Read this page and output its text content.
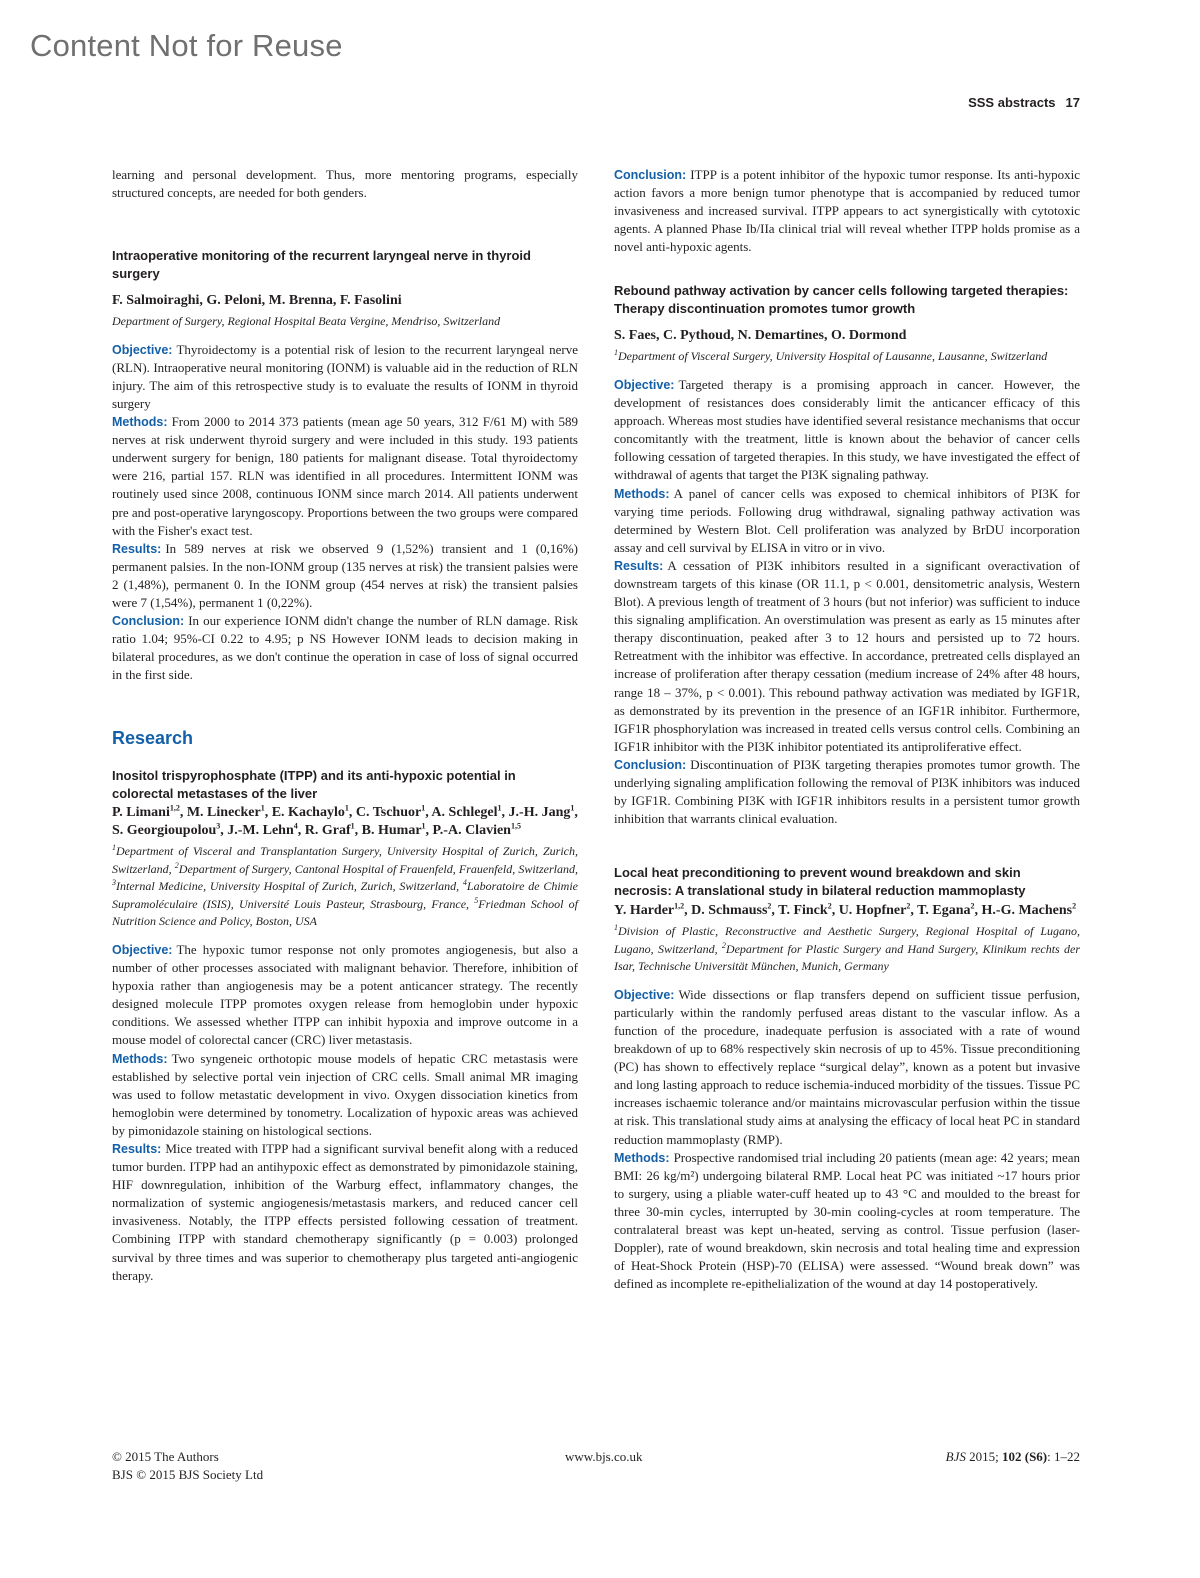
Content Not for Reuse
SSS abstracts 17

learning and personal development. Thus, more mentoring programs, especially structured concepts, are needed for both genders.

Intraoperative monitoring of the recurrent laryngeal nerve in thyroid surgery

F. Salmoiraghi, G. Peloni, M. Brenna, F. Fasolini

Department of Surgery, Regional Hospital Beata Vergine, Mendriso, Switzerland

Objective: Thyroidectomy is a potential risk of lesion to the recurrent laryngeal nerve (RLN). Intraoperative neural monitoring (IONM) is valuable aid in the reduction of RLN injury. The aim of this retrospective study is to evaluate the results of IONM in thyroid surgery

Methods: From 2000 to 2014 373 patients (mean age 50 years, 312 F/61 M) with 589 nerves at risk underwent thyroid surgery and were included in this study. 193 patients underwent surgery for benign, 180 patients for malignant disease. Total thyroidectomy were 216, partial 157. RLN was identified in all procedures. Intermittent IONM was routinely used since 2008, continuous IONM since march 2014. All patients underwent pre and post-operative laryngoscopy. Proportions between the two groups were compared with the Fisher's exact test.

Results: In 589 nerves at risk we observed 9 (1,52%) transient and 1 (0,16%) permanent palsies. In the non-IONM group (135 nerves at risk) the transient palsies were 2 (1,48%), permanent 0. In the IONM group (454 nerves at risk) the transient palsies were 7 (1,54%), permanent 1 (0,22%).

Conclusion: In our experience IONM didn't change the number of RLN damage. Risk ratio 1.04; 95%-CI 0.22 to 4.95; p NS However IONM leads to decision making in bilateral procedures, as we don't continue the operation in case of loss of signal occurred in the first side.

Research

Inositol trispyrophosphate (ITPP) and its anti-hypoxic potential in colorectal metastases of the liver

P. Limani$^{1,2}$, M. Linecker$^1$, E. Kachaylo$^1$, C. Tschuor$^1$, A. Schlegel$^1$, J.-H. Jang$^1$, S. Georgioupolou$^3$, J.-M. Lehn$^4$, R. Graf$^1$, B. Humar$^1$, P.-A. Clavien$^{1,5}$

$^1$Department of Visceral and Transplantation Surgery, University Hospital of Zurich, Zurich, Switzerland, $^2$Department of Surgery, Cantonal Hospital of Frauenfeld, Frauenfeld, Switzerland, $^3$Internal Medicine, University Hospital of Zurich, Zurich, Switzerland, $^4$Laboratoire de Chimie Supramoléculaire (ISIS), Université Louis Pasteur, Strasbourg, France, $^5$Friedman School of Nutrition Science and Policy, Boston, USA

Objective: The hypoxic tumor response not only promotes angiogenesis, but also a number of other processes associated with malignant behavior. Therefore, inhibition of hypoxia rather than angiogenesis may be a potent anticancer strategy. The recently designed molecule ITPP promotes oxygen release from hemoglobin under hypoxic conditions. We assessed whether ITPP can inhibit hypoxia and improve outcome in a mouse model of colorectal cancer (CRC) liver metastasis.

Methods: Two syngeneic orthotopic mouse models of hepatic CRC metastasis were established by selective portal vein injection of CRC cells. Small animal MR imaging was used to follow metastatic development in vivo. Oxygen dissociation kinetics from hemoglobin were determined by tonometry. Localization of hypoxic areas was achieved by pimonidazole staining on histological sections.

Results: Mice treated with ITPP had a significant survival benefit along with a reduced tumor burden. ITPP had an antihypoxic effect as demonstrated by pimonidazole staining, HIF downregulation, inhibition of the Warburg effect, inflammatory changes, the normalization of systemic angiogenesis/metastasis markers, and reduced cancer cell invasiveness. Notably, the ITPP effects persisted following cessation of treatment. Combining ITPP with standard chemotherapy significantly (p = 0.003) prolonged survival by three times and was superior to chemotherapy plus targeted anti-angiogenic therapy.

Conclusion: ITPP is a potent inhibitor of the hypoxic tumor response. Its anti-hypoxic action favors a more benign tumor phenotype that is accompanied by reduced tumor invasiveness and increased survival. ITPP appears to act synergistically with cytotoxic agents. A planned Phase Ib/IIa clinical trial will reveal whether ITPP holds promise as a novel anti-hypoxic agents.

Rebound pathway activation by cancer cells following targeted therapies: Therapy discontinuation promotes tumor growth

S. Faes, C. Pythoud, N. Demartines, O. Dormond

$^1$Department of Visceral Surgery, University Hospital of Lausanne, Lausanne, Switzerland

Objective: Targeted therapy is a promising approach in cancer. However, the development of resistances does considerably limit the anticancer efficacy of this approach. Whereas most studies have identified several resistance mechanisms that occur concomitantly with the treatment, little is known about the behavior of cancer cells following cessation of targeted therapies. In this study, we have investigated the effect of withdrawal of agents that target the PI3K signaling pathway.

Methods: A panel of cancer cells was exposed to chemical inhibitors of PI3K for varying time periods. Following drug withdrawal, signaling pathway activation was determined by Western Blot. Cell proliferation was analyzed by BrDU incorporation assay and cell survival by ELISA in vitro or in vivo.

Results: A cessation of PI3K inhibitors resulted in a significant overactivation of downstream targets of this kinase (OR 11.1, p < 0.001, densitometric analysis, Western Blot). A previous length of treatment of 3 hours (but not inferior) was sufficient to induce this signaling amplification. An overstimulation was present as early as 15 minutes after therapy discontinuation, peaked after 3 to 12 hours and persisted up to 72 hours. Retreatment with the inhibitor was effective. In accordance, pretreated cells displayed an increase of proliferation after therapy cessation (medium increase of 24% after 48 hours, range 18 – 37%, p < 0.001). This rebound pathway activation was mediated by IGF1R, as demonstrated by its prevention in the presence of an IGF1R inhibitor. Furthermore, IGF1R phosphorylation was increased in treated cells versus control cells. Combining an IGF1R inhibitor with the PI3K inhibitor potentiated its antiproliferative effect.

Conclusion: Discontinuation of PI3K targeting therapies promotes tumor growth. The underlying signaling amplification following the removal of PI3K inhibitors was induced by IGF1R. Combining PI3K with IGF1R inhibitors results in a persistent tumor growth inhibition that warrants clinical evaluation.

Local heat preconditioning to prevent wound breakdown and skin necrosis: A translational study in bilateral reduction mammoplasty

Y. Harder$^{1,2}$, D. Schmauss$^2$, T. Finck$^2$, U. Hopfner$^2$, T. Egana$^2$, H.-G. Machens$^2$

$^1$Division of Plastic, Reconstructive and Aesthetic Surgery, Regional Hospital of Lugano, Lugano, Switzerland, $^2$Department for Plastic Surgery and Hand Surgery, Klinikum rechts der Isar, Technische Universität München, Munich, Germany

Objective: Wide dissections or flap transfers depend on sufficient tissue perfusion, particularly within the randomly perfused areas distant to the vascular inflow. As a function of the procedure, inadequate perfusion is associated with a rate of wound breakdown of up to 68% respectively skin necrosis of up to 45%. Tissue preconditioning (PC) has shown to effectively replace “surgical delay”, known as a potent but invasive and long lasting approach to reduce ischemia-induced morbidity of the tissues. Tissue PC increases ischaemic tolerance and/or maintains microvascular perfusion within the tissue at risk. This translational study aims at analysing the efficacy of local heat PC in standard reduction mammoplasty (RMP).

Methods: Prospective randomised trial including 20 patients (mean age: 42 years; mean BMI: 26 kg/m²) undergoing bilateral RMP. Local heat PC was initiated ~17 hours prior to surgery, using a pliable water-cuff heated up to 43 °C and moulded to the breast for three 30-min cycles, interrupted by 30-min cooling-cycles at room temperature. The contralateral breast was kept un-heated, serving as control. Tissue perfusion (laser-Doppler), rate of wound breakdown, skin necrosis and total healing time and expression of Heat-Shock Protein (HSP)-70 (ELISA) were assessed. “Wound break down” was defined as incomplete re-epithelialization of the wound at day 14 postoperatively.

© 2015 The Authors
BJS © 2015 BJS Society Ltd
www.bjs.co.uk	BJS 2015; 102 (S6): 1–22
